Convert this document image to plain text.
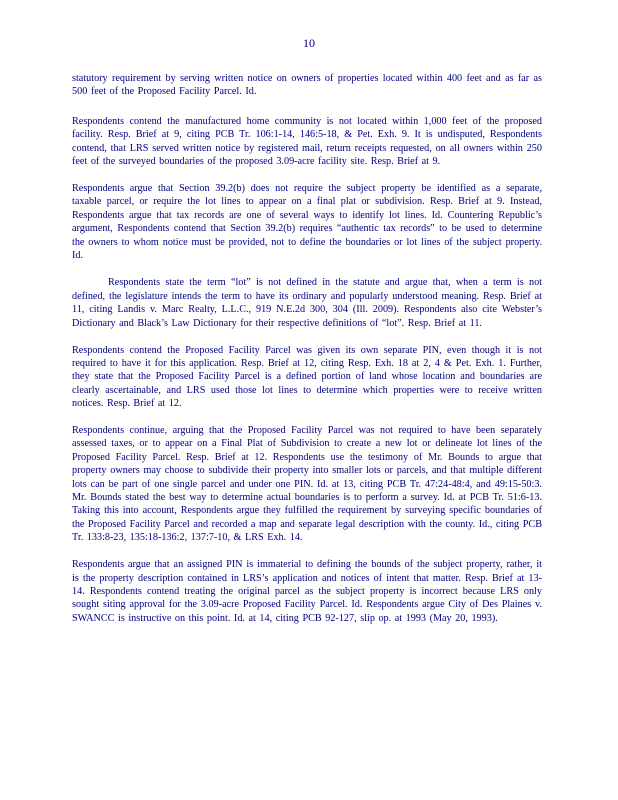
10

statutory requirement by serving written notice on owners of properties located within 400 feet and as far as 500 feet of the Proposed Facility Parcel. Id.

Respondents contend the manufactured home community is not located within 1,000 feet of the proposed facility. Resp. Brief at 9, citing PCB Tr. 106:1-14, 146:5-18, & Pet. Exh. 9. It is undisputed, Respondents contend, that LRS served written notice by registered mail, return receipts requested, on all owners within 250 feet of the surveyed boundaries of the proposed 3.09-acre facility site. Resp. Brief at 9.

Respondents argue that Section 39.2(b) does not require the subject property be identified as a separate, taxable parcel, or require the lot lines to appear on a final plat or subdivision. Resp. Brief at 9. Instead, Respondents argue that tax records are one of several ways to identify lot lines. Id. Countering Republic’s argument, Respondents contend that Section 39.2(b) requires “authentic tax records” to be used to determine the owners to whom notice must be provided, not to define the boundaries or lot lines of the subject property. Id.

Respondents state the term “lot” is not defined in the statute and argue that, when a term is not defined, the legislature intends the term to have its ordinary and popularly understood meaning. Resp. Brief at 11, citing Landis v. Marc Realty, L.L.C., 919 N.E.2d 300, 304 (Ill. 2009). Respondents also cite Webster’s Dictionary and Black’s Law Dictionary for their respective definitions of “lot”. Resp. Brief at 11.

Respondents contend the Proposed Facility Parcel was given its own separate PIN, even though it is not required to have it for this application. Resp. Brief at 12, citing Resp. Exh. 18 at 2, 4 & Pet. Exh. 1. Further, they state that the Proposed Facility Parcel is a defined portion of land whose location and boundaries are clearly ascertainable, and LRS used those lot lines to determine which properties were to receive written notices. Resp. Brief at 12.

Respondents continue, arguing that the Proposed Facility Parcel was not required to have been separately assessed taxes, or to appear on a Final Plat of Subdivision to create a new lot or delineate lot lines of the Proposed Facility Parcel. Resp. Brief at 12. Respondents use the testimony of Mr. Bounds to argue that property owners may choose to subdivide their property into smaller lots or parcels, and that multiple different lots can be part of one single parcel and under one PIN. Id. at 13, citing PCB Tr. 47:24-48:4, and 49:15-50:3. Mr. Bounds stated the best way to determine actual boundaries is to perform a survey. Id. at PCB Tr. 51:6-13. Taking this into account, Respondents argue they fulfilled the requirement by surveying specific boundaries of the Proposed Facility Parcel and recorded a map and separate legal description with the county. Id., citing PCB Tr. 133:8-23, 135:18-136:2, 137:7-10, & LRS Exh. 14.

Respondents argue that an assigned PIN is immaterial to defining the bounds of the subject property, rather, it is the property description contained in LRS’s application and notices of intent that matter. Resp. Brief at 13-14. Respondents contend treating the original parcel as the subject property is incorrect because LRS only sought siting approval for the 3.09-acre Proposed Facility Parcel. Id. Respondents argue City of Des Plaines v. SWANCC is instructive on this point. Id. at 14, citing PCB 92-127, slip op. at 1993 (May 20, 1993).
